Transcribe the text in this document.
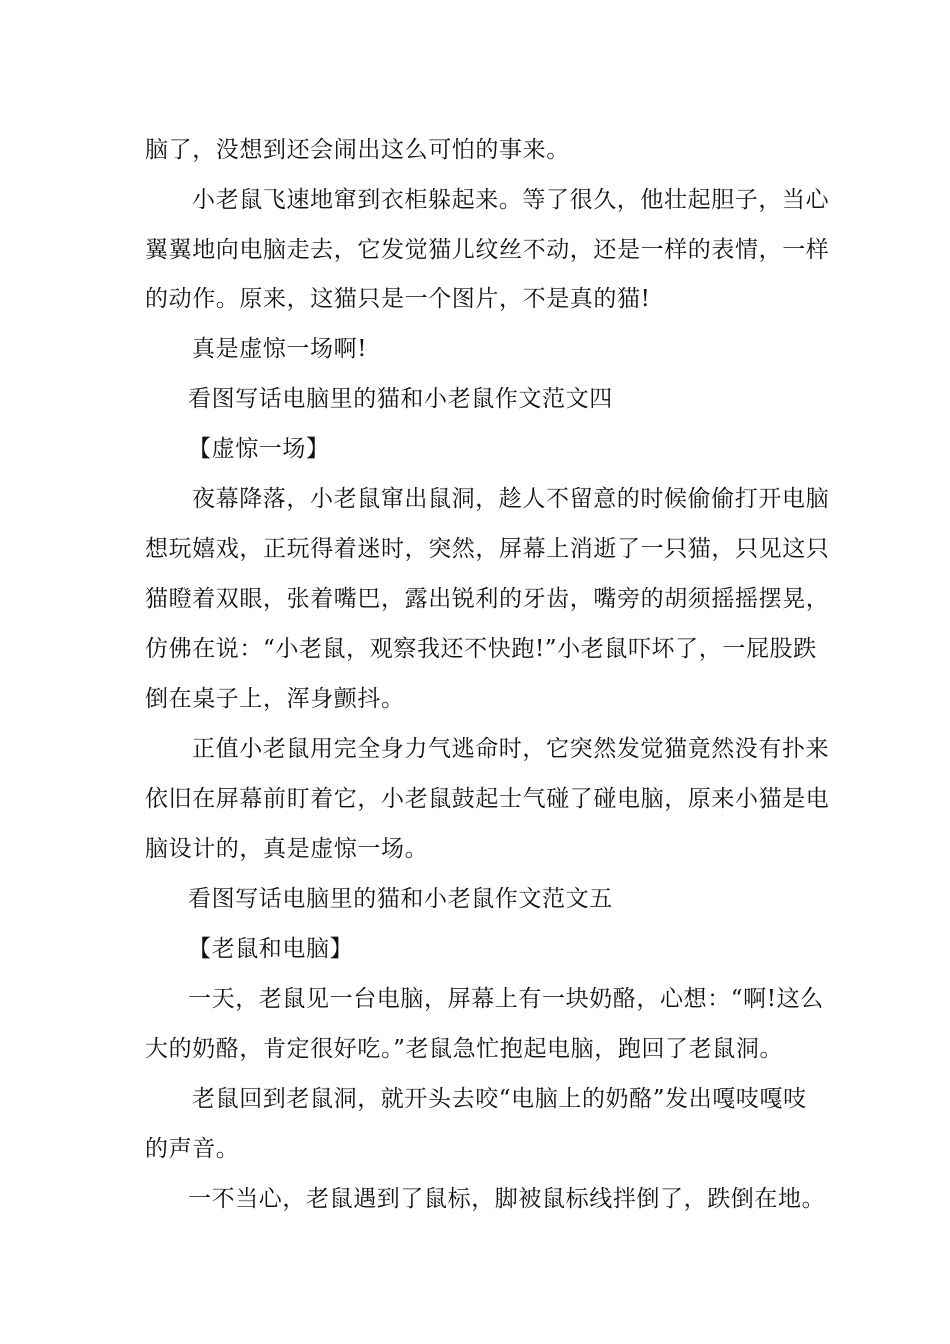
脑了，没想到还会闹出这么可怕的事来。
小老鼠飞速地窜到衣柜躲起来。等了很久，他壮起胆子，当心
翼翼地向电脑走去，它发觉猫儿纹丝不动，还是一样的表情，一样
的动作。原来，这猫只是一个图片，不是真的猫!
真是虚惊一场啊!
看图写话电脑里的猫和小老鼠作文范文四
【虚惊一场】
夜幕降落，小老鼠窜出鼠洞，趁人不留意的时候偷偷打开电脑
想玩嬉戏，正玩得着迷时，突然，屏幕上消逝了一只猫，只见这只
猫瞪着双眼，张着嘴巴，露出锐利的牙齿，嘴旁的胡须摇摇摆晃，
仿佛在说：“小老鼠，观察我还不快跑!”小老鼠吓坏了，一屁股跌
倒在桌子上，浑身颤抖。
正值小老鼠用完全身力气逃命时，它突然发觉猫竟然没有扑来
依旧在屏幕前盯着它，小老鼠鼓起士气碰了碰电脑，原来小猫是电
脑设计的，真是虚惊一场。
看图写话电脑里的猫和小老鼠作文范文五
【老鼠和电脑】
一天，老鼠见一台电脑，屏幕上有一块奶酪，心想：“啊!这么
大的奶酪，肯定很好吃。”老鼠急忙抱起电脑，跑回了老鼠洞。
老鼠回到老鼠洞，就开头去咬“电脑上的奶酪”发出嘎吱嘎吱
的声音。
一不当心，老鼠遇到了鼠标，脚被鼠标线拌倒了，跌倒在地。
